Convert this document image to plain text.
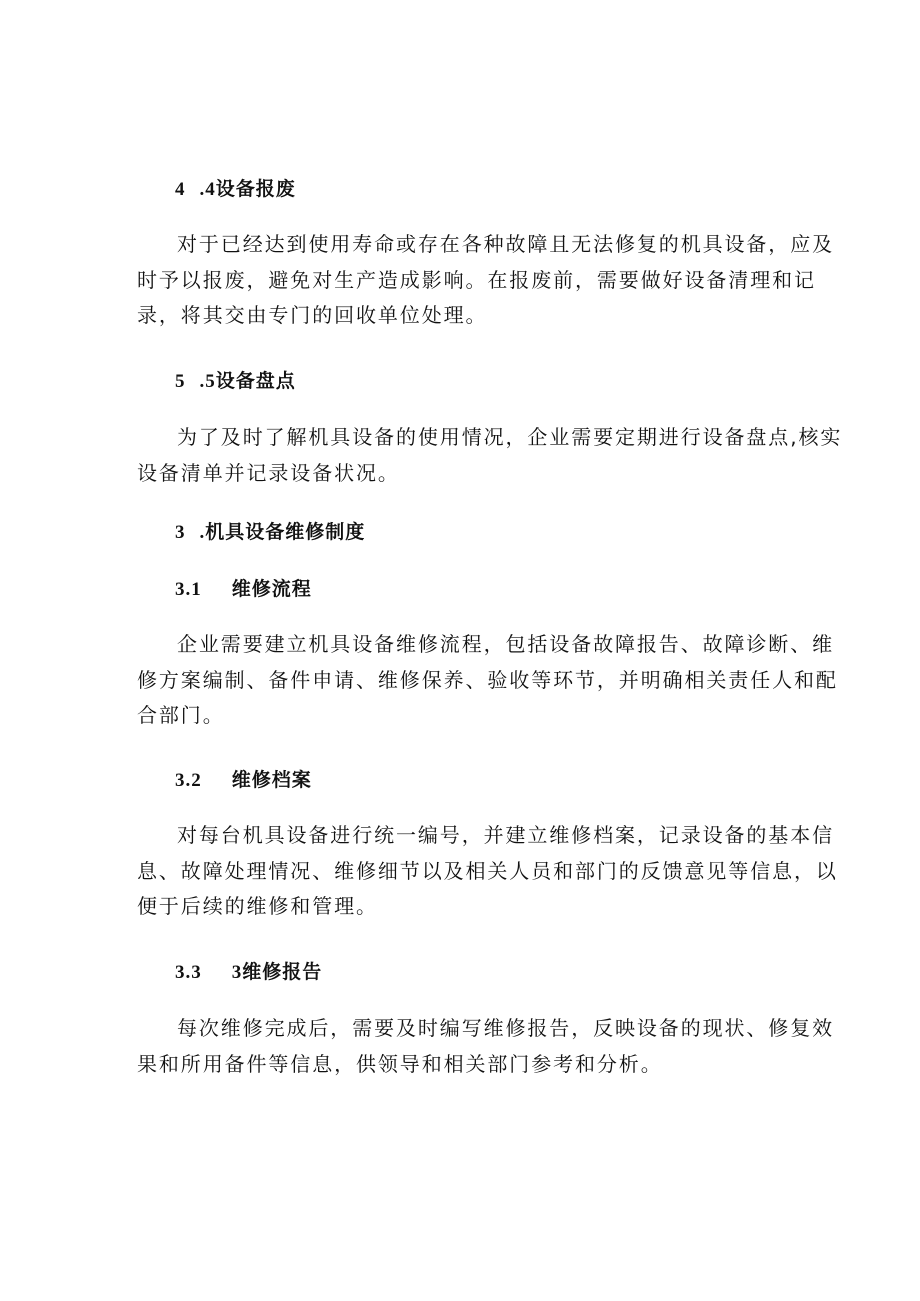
4 .4设备报废
对于已经达到使用寿命或存在各种故障且无法修复的机具设备，应及
时予以报废，避免对生产造成影响。在报废前，需要做好设备清理和记
录，将其交由专门的回收单位处理。
5 .5设备盘点
为了及时了解机具设备的使用情况，企业需要定期进行设备盘点,核实
设备清单并记录设备状况。
3 .机具设备维修制度
3.1 维修流程
企业需要建立机具设备维修流程，包括设备故障报告、故障诊断、维
修方案编制、备件申请、维修保养、验收等环节，并明确相关责任人和配
合部门。
3.2 维修档案
对每台机具设备进行统一编号，并建立维修档案，记录设备的基本信
息、故障处理情况、维修细节以及相关人员和部门的反馈意见等信息，以
便于后续的维修和管理。
3.3 3维修报告
每次维修完成后，需要及时编写维修报告，反映设备的现状、修复效
果和所用备件等信息，供领导和相关部门参考和分析。
